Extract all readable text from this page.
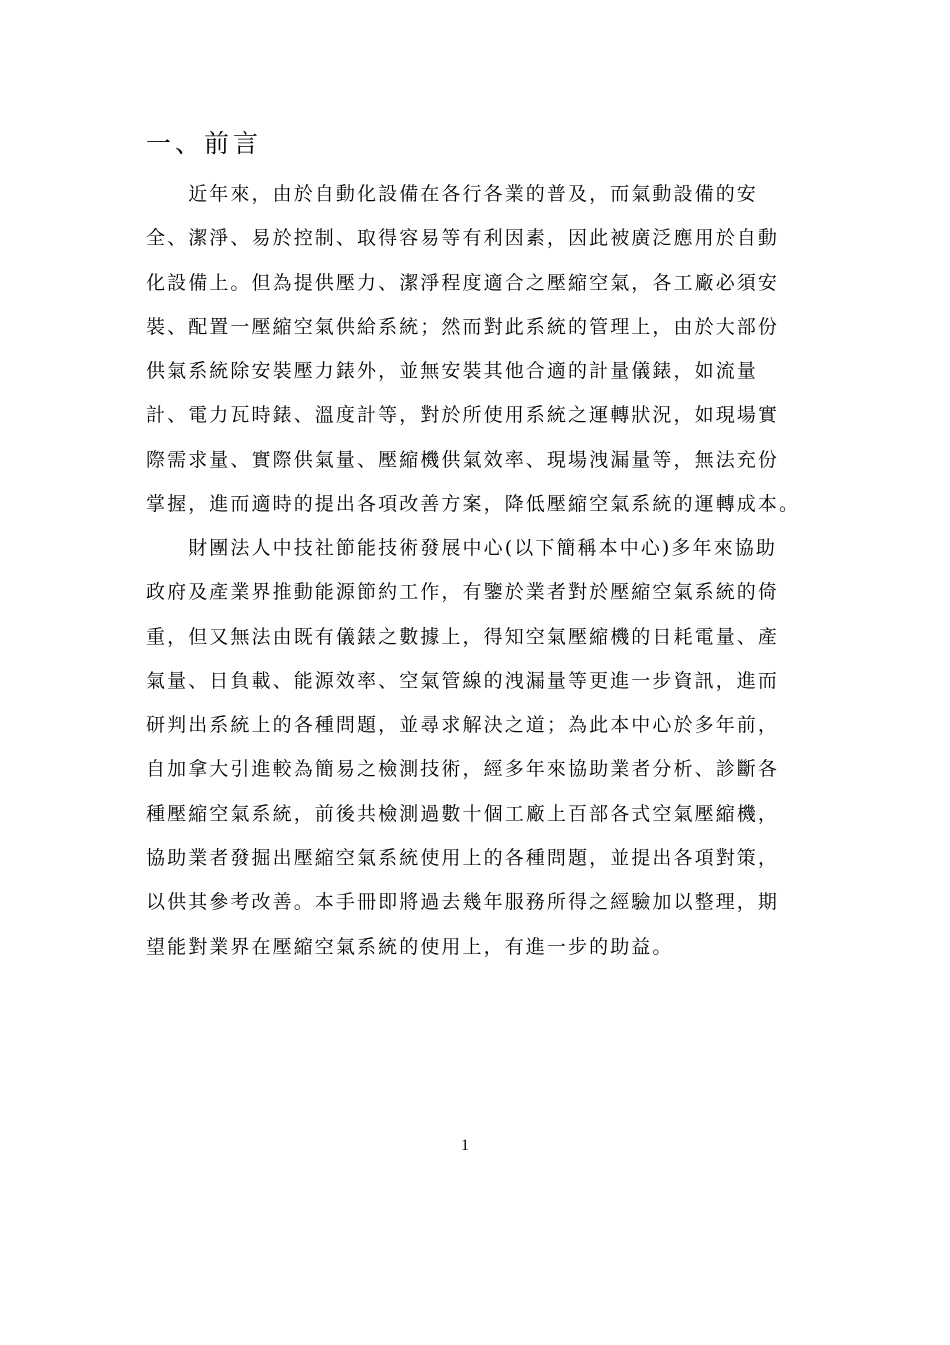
一、前言
　　近年來，由於自動化設備在各行各業的普及，而氣動設備的安
全、潔淨、易於控制、取得容易等有利因素，因此被廣泛應用於自動
化設備上。但為提供壓力、潔淨程度適合之壓縮空氣，各工廠必須安
裝、配置一壓縮空氣供給系統；然而對此系統的管理上，由於大部份
供氣系統除安裝壓力錶外，並無安裝其他合適的計量儀錶，如流量
計、電力瓦時錶、溫度計等，對於所使用系統之運轉狀況，如現場實
際需求量、實際供氣量、壓縮機供氣效率、現場洩漏量等，無法充份
掌握，進而適時的提出各項改善方案，降低壓縮空氣系統的運轉成本。
　　財團法人中技社節能技術發展中心(以下簡稱本中心)多年來協助
政府及產業界推動能源節約工作，有鑒於業者對於壓縮空氣系統的倚
重，但又無法由既有儀錶之數據上，得知空氣壓縮機的日耗電量、產
氣量、日負載、能源效率、空氣管線的洩漏量等更進一步資訊，進而
研判出系統上的各種問題，並尋求解決之道；為此本中心於多年前，
自加拿大引進較為簡易之檢測技術，經多年來協助業者分析、診斷各
種壓縮空氣系統，前後共檢測過數十個工廠上百部各式空氣壓縮機，
協助業者發掘出壓縮空氣系統使用上的各種問題，並提出各項對策，
以供其參考改善。本手冊即將過去幾年服務所得之經驗加以整理，期
望能對業界在壓縮空氣系統的使用上，有進一步的助益。
1
